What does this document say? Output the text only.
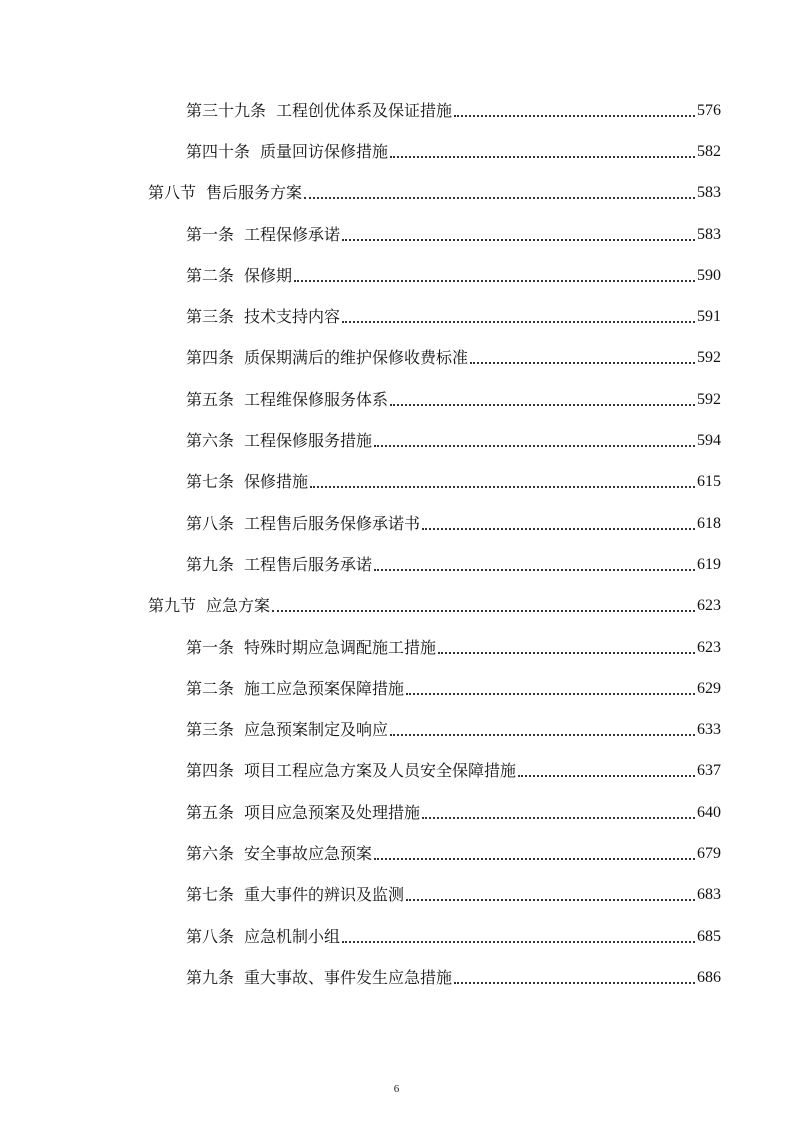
第三十九条 工程创优体系及保证措施	576
第四十条 质量回访保修措施	582
第八节 售后服务方案	583
第一条 工程保修承诺	583
第二条 保修期	590
第三条 技术支持内容	591
第四条 质保期满后的维护保修收费标准	592
第五条 工程维保修服务体系	592
第六条 工程保修服务措施	594
第七条 保修措施	615
第八条 工程售后服务保修承诺书	618
第九条 工程售后服务承诺	619
第九节 应急方案	623
第一条 特殊时期应急调配施工措施	623
第二条 施工应急预案保障措施	629
第三条 应急预案制定及响应	633
第四条 项目工程应急方案及人员安全保障措施	637
第五条 项目应急预案及处理措施	640
第六条 安全事故应急预案	679
第七条 重大事件的辨识及监测	683
第八条 应急机制小组	685
第九条 重大事故、事件发生应急措施	686
6
